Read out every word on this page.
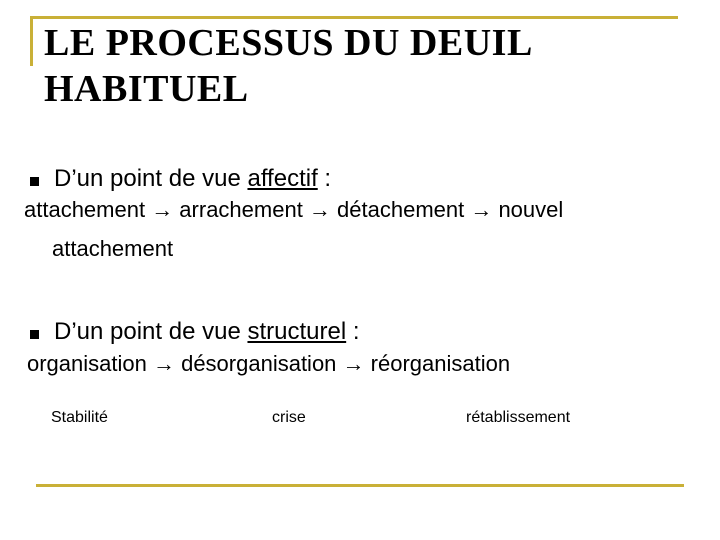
LE PROCESSUS DU DEUIL HABITUEL
D’un point de vue affectif :
attachement → arrachement → détachement → nouvel
attachement
D’un point de vue structurel :
organisation → désorganisation → réorganisation
Stabilité	crise	rétablissement
